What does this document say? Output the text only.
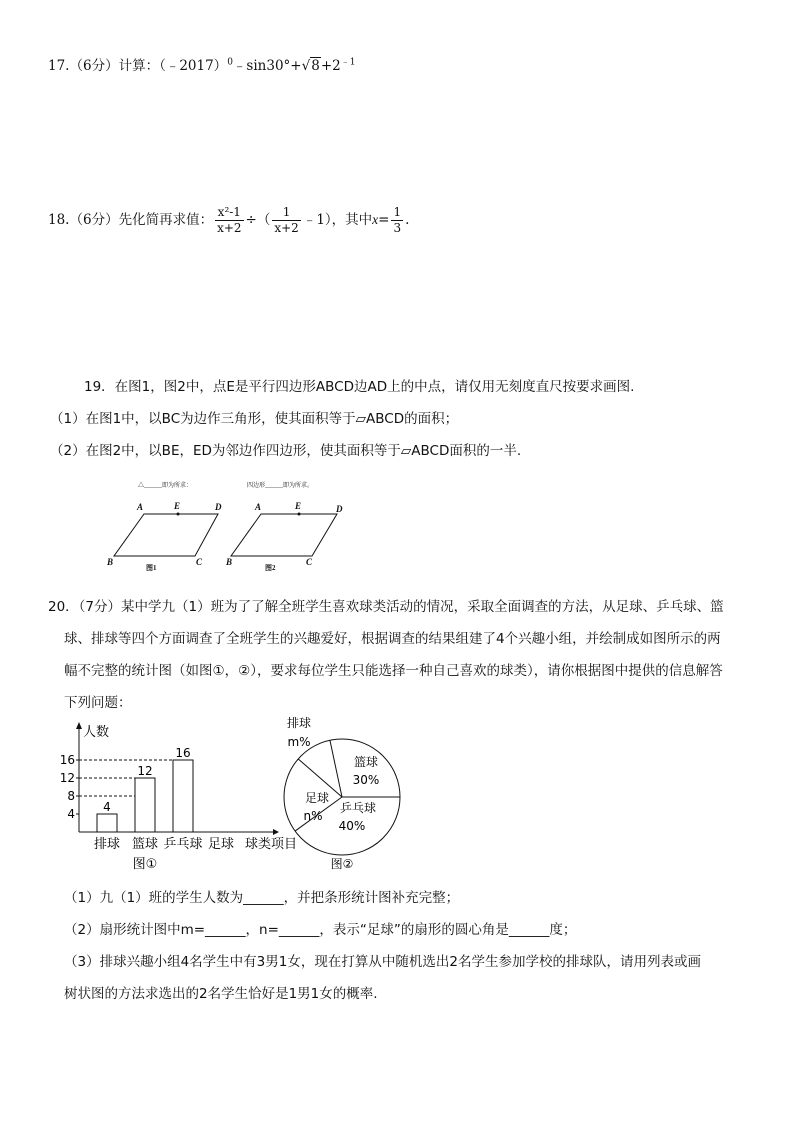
17.（6分）计算：$(﹣2017)^0﹣\sin 30^\circ+√8+2^{﹣1}$
18.（6分）先化简再求值： $\frac{\text{x²-1}}{x+2}$ ÷（ $\frac{1}{x+2}$ ﹣1），其中$x= \frac{1}{3}$ .
19．在图1，图2中，点E是平行四边形ABCD边AD上的中点，请仅用无刻度直尺按要求画图.
（1）在图1中，以BC为边作三角形，使其面积等于▱ABCD的面积；
（2）在图2中，以BE，ED为邻边作四边形，使其面积等于▱ABCD面积的一半.
△______即为所求：
A	E	D
B	C
图1
四边形______即为所求。
A	E	D
B	C
图2
20．（7分）某中学九（1）班为了了解全班学生喜欢球类活动的情况，采取全面调查的方法，从足球、乒乓球、篮
球、排球等四个方面调查了全班学生的兴趣爱好，根据调查的结果组建了4个兴趣小组，并绘制成如图所示的两
幅不完整的统计图（如图①，②），要求每位学生只能选择一种自己喜欢的球类），请你根据图中提供的信息解答
下列问题：
人数
4
8
12
16
4
排球
12
篮球
16
乒乓球 足球 球类项目
图①
排球
m%
篮球
30%
乒乓球
40%
足球
n%
图②
（1）九（1）班的学生人数为______，并把条形统计图补充完整；
（2）扇形统计图中m=______，n=______，表示“足球”的扇形的圆心角是______度；
（3）排球兴趣小组4名学生中有3男1女，现在打算从中随机选出2名学生参加学校的排球队，请用列表或画
树状图的方法求选出的2名学生恰好是1男1女的概率.
